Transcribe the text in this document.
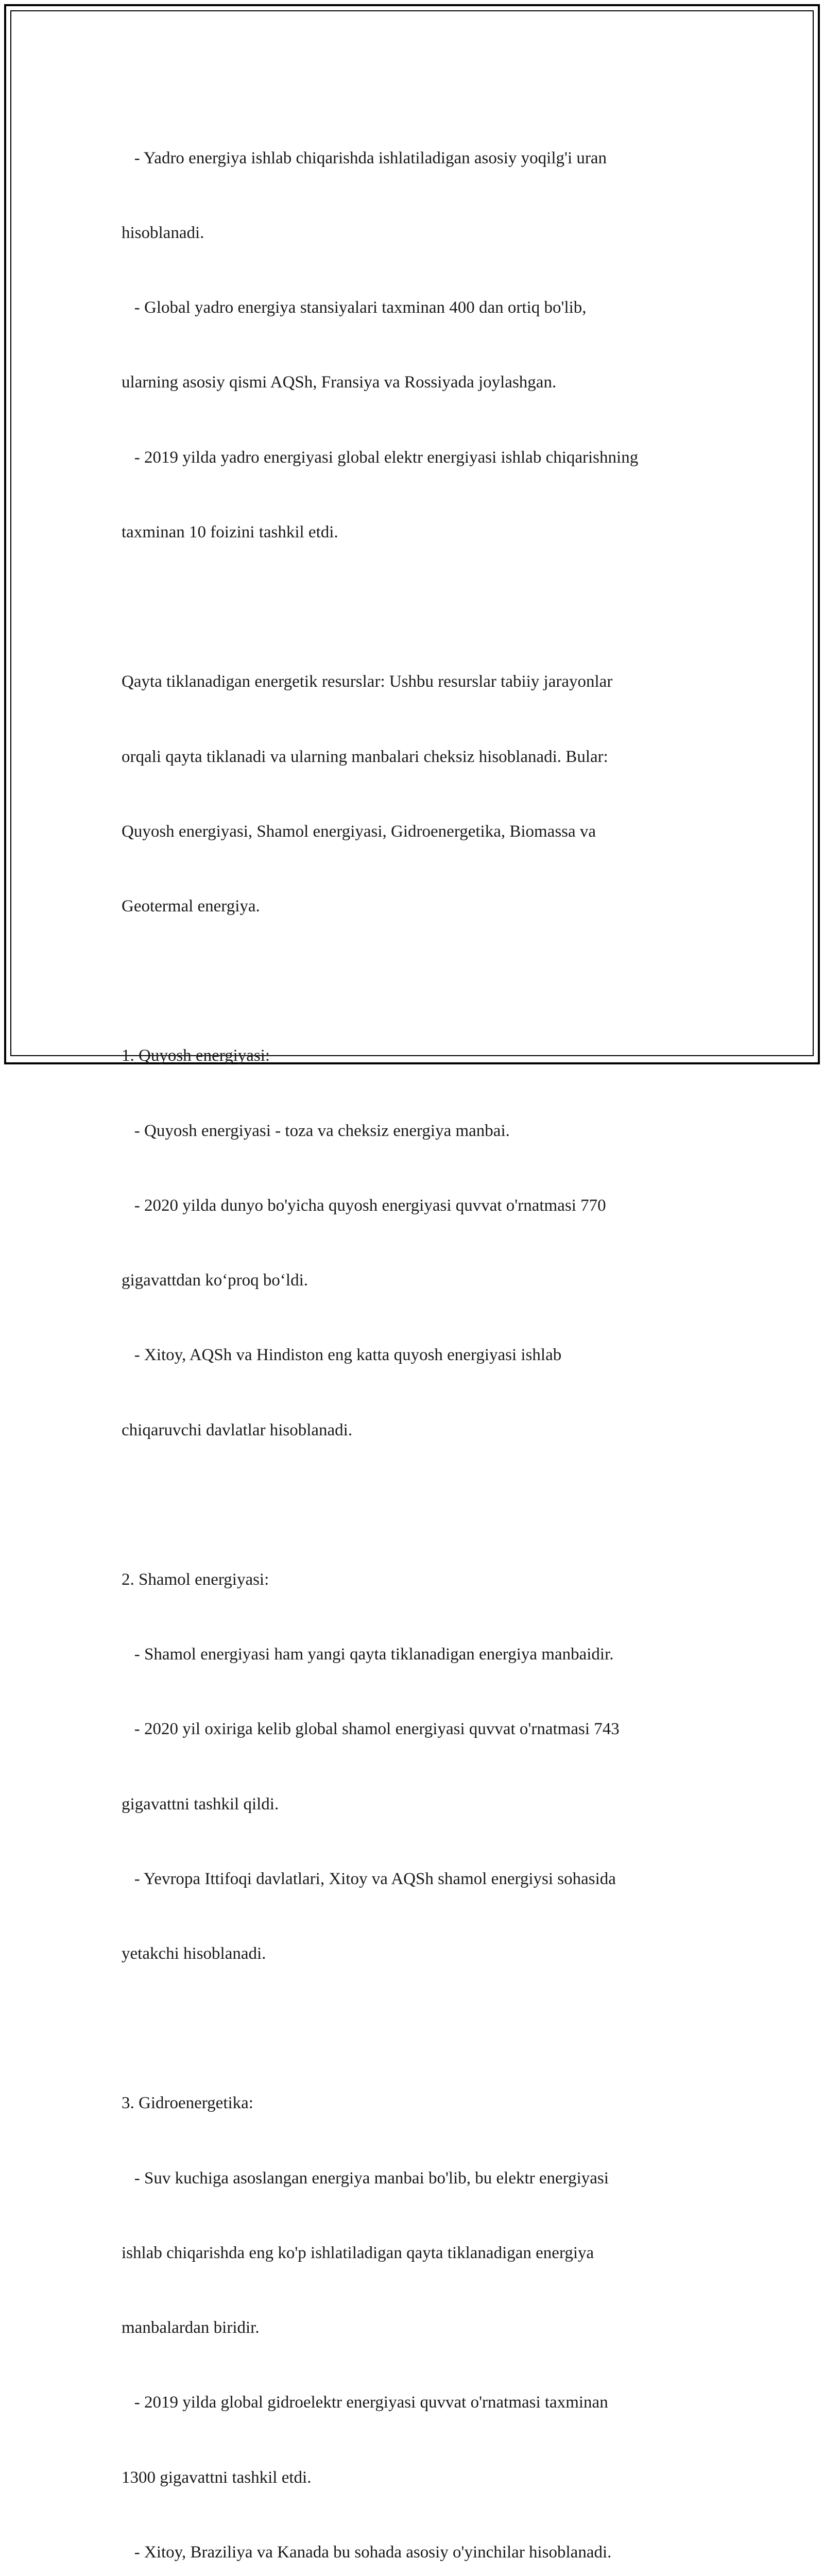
- Yadro energiya ishlab chiqarishda ishlatiladigan asosiy yoqilg'i uran

hisoblanadi.

- Global yadro energiya stansiyalari taxminan 400 dan ortiq bo'lib,

ularning asosiy qismi AQSh, Fransiya va Rossiyada joylashgan.

- 2019 yilda yadro energiyasi global elektr energiyasi ishlab chiqarishning

taxminan 10 foizini tashkil etdi.

Qayta tiklanadigan energetik resurslar: Ushbu resurslar tabiiy jarayonlar

orqali qayta tiklanadi va ularning manbalari cheksiz hisoblanadi. Bular:

Quyosh energiyasi, Shamol energiyasi, Gidroenergetika, Biomassa va

Geotermal energiya.

1. Quyosh energiyasi:

- Quyosh energiyasi - toza va cheksiz energiya manbai.

- 2020 yilda dunyo bo'yicha quyosh energiyasi quvvat o'rnatmasi 770

gigavattdan ko‘proq bo‘ldi.

- Xitoy, AQSh va Hindiston eng katta quyosh energiyasi ishlab

chiqaruvchi davlatlar hisoblanadi.

2. Shamol energiyasi:

- Shamol energiyasi ham yangi qayta tiklanadigan energiya manbaidir.

- 2020 yil oxiriga kelib global shamol energiyasi quvvat o'rnatmasi 743

gigavattni tashkil qildi.

- Yevropa Ittifoqi davlatlari, Xitoy va AQSh shamol energiysi sohasida

yetakchi hisoblanadi.

3. Gidroenergetika:

- Suv kuchiga asoslangan energiya manbai bo'lib, bu elektr energiyasi

ishlab chiqarishda eng ko'p ishlatiladigan qayta tiklanadigan energiya

manbalardan biridir.

- 2019 yilda global gidroelektr energiyasi quvvat o'rnatmasi taxminan

1300 gigavattni tashkil etdi.

- Xitoy, Braziliya va Kanada bu sohada asosiy o'yinchilar hisoblanadi.
